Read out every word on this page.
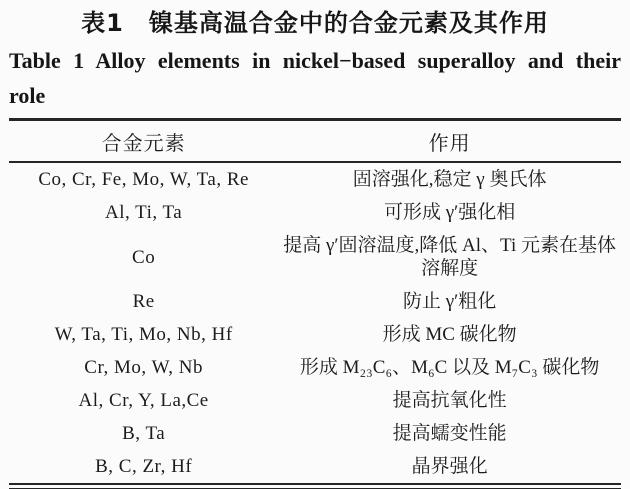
表1　镍基高温合金中的合金元素及其作用
Table 1 Alloy elements in nickel−based superalloy and their role
合金元素	作用
Co, Cr, Fe, Mo, W, Ta, Re	固溶强化,稳定 γ 奥氏体
Al, Ti, Ta	可形成 γ′强化相
Co	提高 γ′固溶温度,降低 Al、Ti 元素在基体溶解度
Re	防止 γ′粗化
W, Ta, Ti, Mo, Nb, Hf	形成 MC 碳化物
Cr, Mo, W, Nb	形成 M₂₃C₆、M₆C 以及 M₇C₃ 碳化物
Al, Cr, Y, La,Ce	提高抗氧化性
B, Ta	提高蠕变性能
B, C, Zr, Hf	晶界强化
